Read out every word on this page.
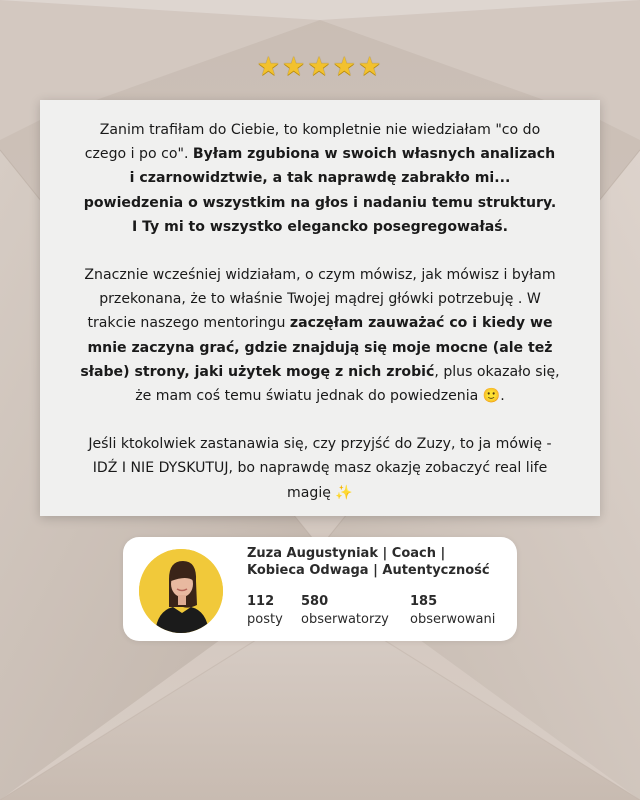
★★★★★

Zanim trafiłam do Ciebie, to kompletnie nie wiedziałam "co do czego i po co". Byłam zgubiona w swoich własnych analizach i czarnowidztwie, a tak naprawdę zabrakło mi... powiedzenia o wszystkim na głos i nadaniu temu struktury. I Ty mi to wszystko elegancko posegregowałaś.

Znacznie wcześniej widziałam, o czym mówisz, jak mówisz i byłam przekonana, że to właśnie Twojej mądrej główki potrzebuję . W trakcie naszego mentoringu zaczęłam zauważać co i kiedy we mnie zaczyna grać, gdzie znajdują się moje mocne (ale też słabe) strony, jaki użytek mogę z nich zrobić, plus okazało się, że mam coś temu światu jednak do powiedzenia 🙂.

Jeśli ktokolwiek zastanawia się, czy przyjść do Zuzy, to ja mówię - IDŹ I NIE DYSKUTUJ, bo naprawdę masz okazję zobaczyć real life magię ✨

Zuza Augustyniak | Coach | Kobieca Odwaga | Autentyczność

112
posty
580
obserwatorzy
185
obserwowani
